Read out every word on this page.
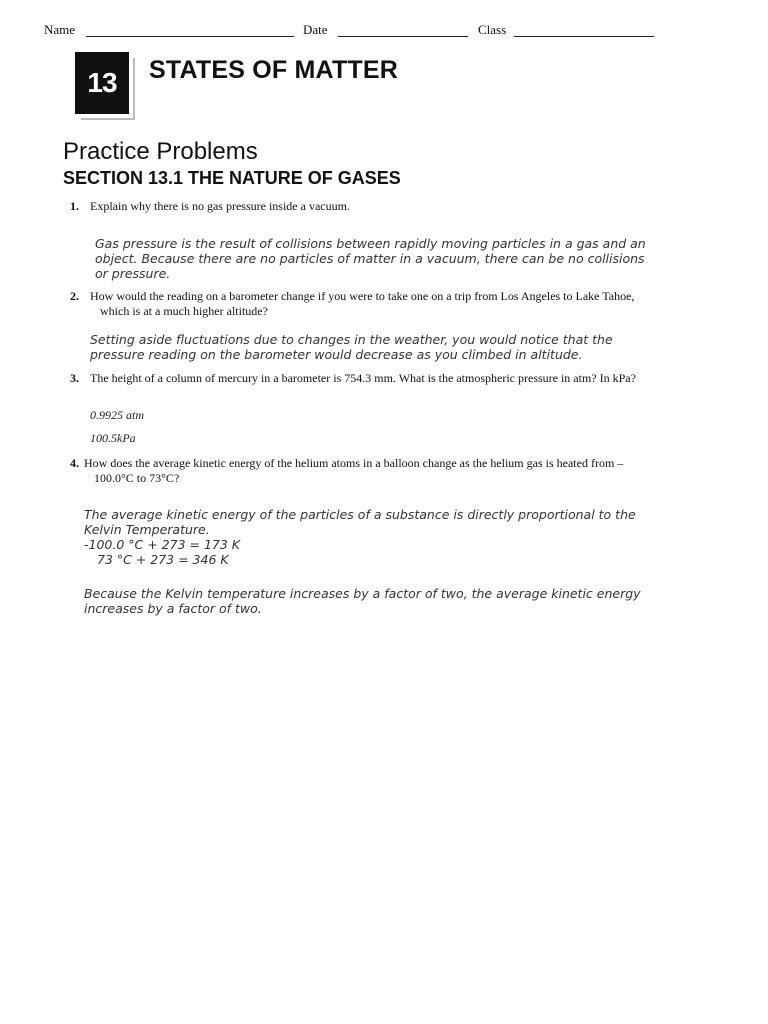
Name	Date	Class
13	STATES OF MATTER
Practice Problems
SECTION 13.1 THE NATURE OF GASES
1. Explain why there is no gas pressure inside a vacuum.
Gas pressure is the result of collisions between rapidly moving particles in a gas and an object. Because there are no particles of matter in a vacuum, there can be no collisions or pressure.
2. How would the reading on a barometer change if you were to take one on a trip from Los Angeles to Lake Tahoe, which is at a much higher altitude?
Setting aside fluctuations due to changes in the weather, you would notice that the pressure reading on the barometer would decrease as you climbed in altitude.
3. The height of a column of mercury in a barometer is 754.3 mm. What is the atmospheric pressure in atm? In kPa?
0.9925 atm
100.5kPa
4. How does the average kinetic energy of the helium atoms in a balloon change as the helium gas is heated from –100.0°C to 73°C?

The average kinetic energy of the particles of a substance is directly proportional to the Kelvin Temperature.

-100.0 °C + 273 = 173 K

73 °C + 273 = 346 K

Because the Kelvin temperature increases by a factor of two, the average kinetic energy increases by a factor of two.
